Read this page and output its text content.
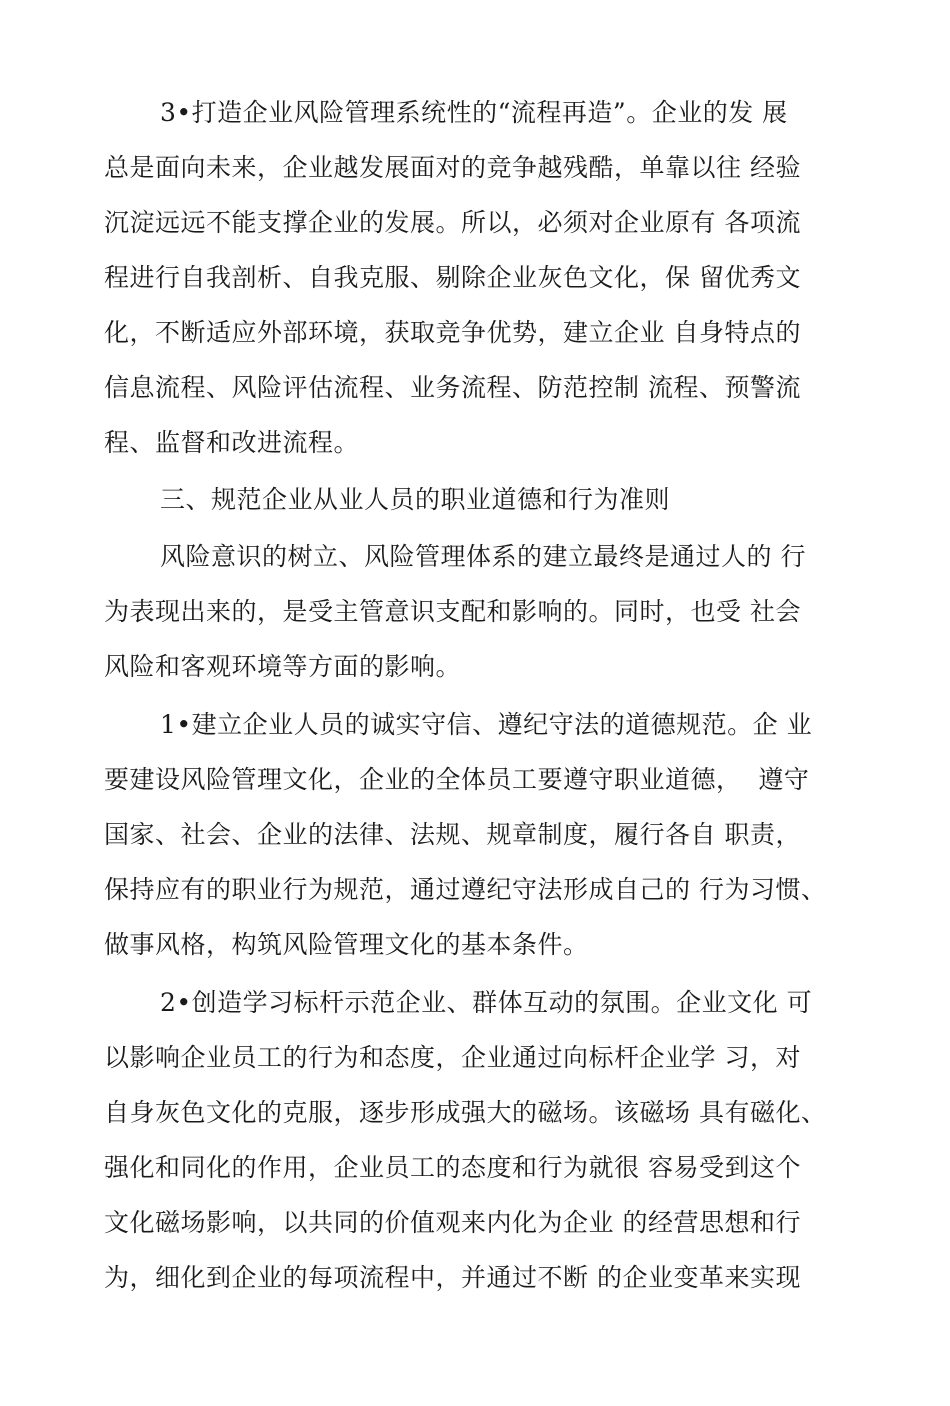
3•打造企业风险管理系统性的“流程再造”。企业的发 展
总是面向未来，企业越发展面对的竞争越残酷，单靠以往 经验
沉淀远远不能支撑企业的发展。所以，必须对企业原有 各项流
程进行自我剖析、自我克服、剔除企业灰色文化，保 留优秀文
化，不断适应外部环境，获取竞争优势，建立企业 自身特点的
信息流程、风险评估流程、业务流程、防范控制 流程、预警流
程、监督和改进流程。
三、规范企业从业人员的职业道德和行为准则
风险意识的树立、风险管理体系的建立最终是通过人的 行
为表现出来的，是受主管意识支配和影响的。同时，也受 社会
风险和客观环境等方面的影响。
1•建立企业人员的诚实守信、遵纪守法的道德规范。企 业
要建设风险管理文化，企业的全体员工要遵守职业道德，  遵守
国家、社会、企业的法律、法规、规章制度，履行各自 职责，
保持应有的职业行为规范，通过遵纪守法形成自己的 行为习惯、
做事风格，构筑风险管理文化的基本条件。
2•创造学习标杆示范企业、群体互动的氛围。企业文化 可
以影响企业员工的行为和态度，企业通过向标杆企业学 习，对
自身灰色文化的克服，逐步形成强大的磁场。该磁场 具有磁化、
强化和同化的作用，企业员工的态度和行为就很 容易受到这个
文化磁场影响，以共同的价值观来内化为企业 的经营思想和行
为，细化到企业的每项流程中，并通过不断 的企业变革来实现
